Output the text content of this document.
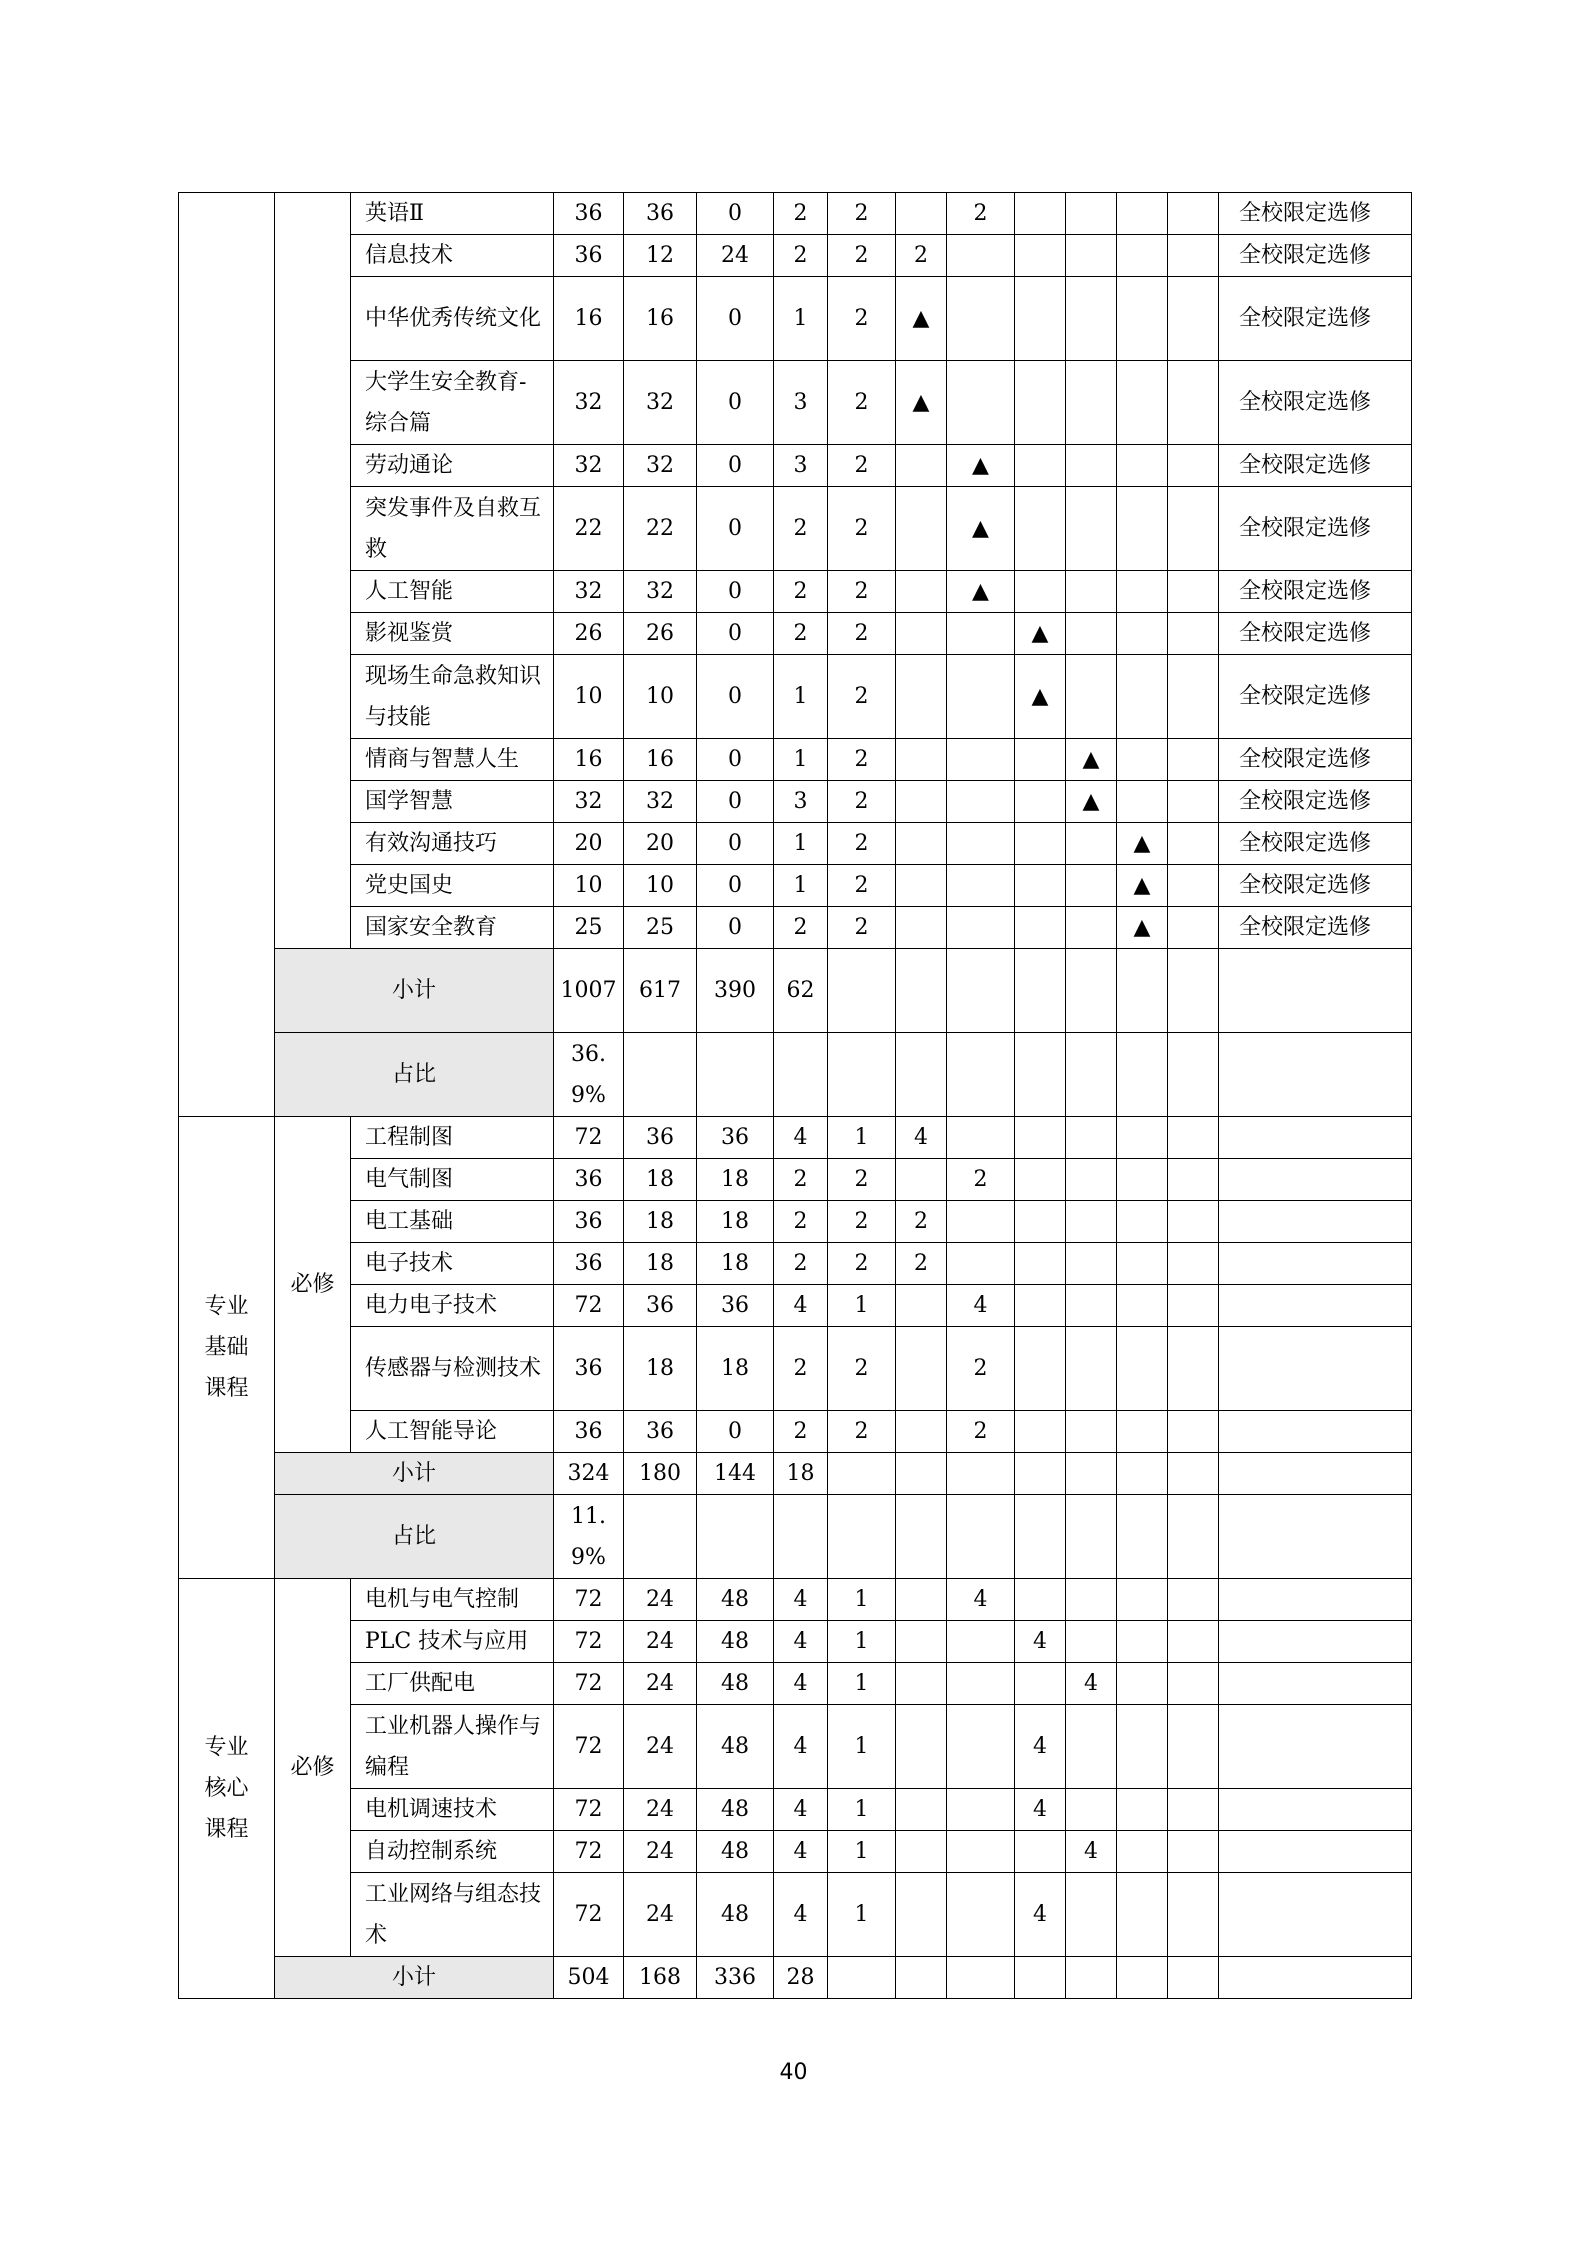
		英语Ⅱ	36	36	0	2	2		2					全校限定选修
		信息技术	36	12	24	2	2	2						全校限定选修
		中华优秀传统文化	16	16	0	1	2	▲						全校限定选修
		大学生安全教育-综合篇	32	32	0	3	2	▲						全校限定选修
		劳动通论	32	32	0	3	2		▲					全校限定选修
		突发事件及自救互救	22	22	0	2	2		▲					全校限定选修
		人工智能	32	32	0	2	2		▲					全校限定选修
		影视鉴赏	26	26	0	2	2			▲				全校限定选修
		现场生命急救知识与技能	10	10	0	1	2			▲				全校限定选修
		情商与智慧人生	16	16	0	1	2				▲			全校限定选修
		国学智慧	32	32	0	3	2				▲			全校限定选修
		有效沟通技巧	20	20	0	1	2					▲		全校限定选修
		党史国史	10	10	0	1	2					▲		全校限定选修
		国家安全教育	25	25	0	2	2					▲		全校限定选修
	小计		1007	617	390	62								
	占比		36.9%											
专业基础课程	必修	工程制图	72	36	36	4	1	4						
		电气制图	36	18	18	2	2		2					
		电工基础	36	18	18	2	2	2						
		电子技术	36	18	18	2	2	2						
		电力电子技术	72	36	36	4	1		4					
		传感器与检测技术	36	18	18	2	2		2					
		人工智能导论	36	36	0	2	2		2					
	小计		324	180	144	18								
	占比		11.9%											
专业核心课程	必修	电机与电气控制	72	24	48	4	1		4					
		PLC 技术与应用	72	24	48	4	1			4				
		工厂供配电	72	24	48	4	1				4			
		工业机器人操作与编程	72	24	48	4	1			4				
		电机调速技术	72	24	48	4	1			4				
		自动控制系统	72	24	48	4	1				4			
		工业网络与组态技术	72	24	48	4	1			4				
	小计		504	168	336	28								
40
